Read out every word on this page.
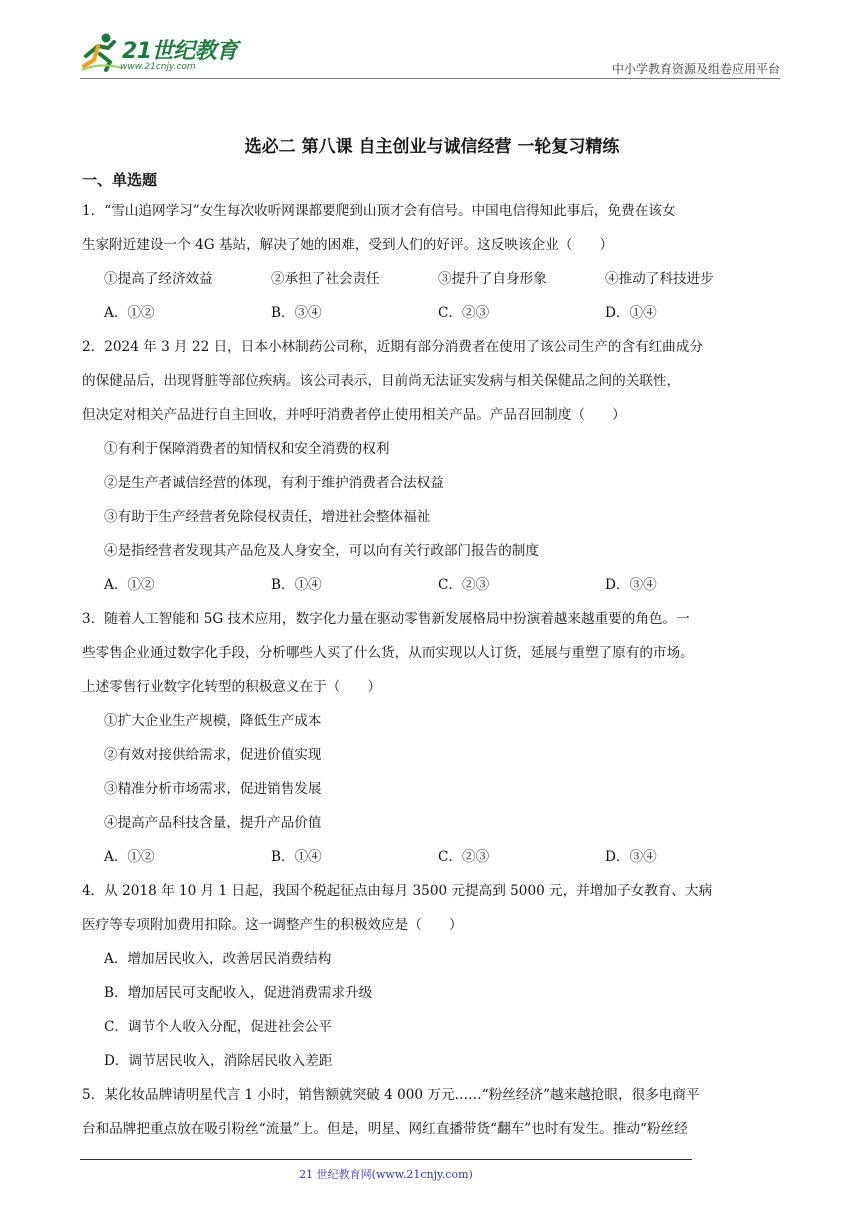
21世纪教育
www.21cnjy.com	中小学教育资源及组卷应用平台
选必二 第八课 自主创业与诚信经营 一轮复习精练
一、单选题

1．“雪山追网学习”女生每次收听网课都要爬到山顶才会有信号。中国电信得知此事后，免费在该女

生家附近建设一个 4G 基站，解决了她的困难，受到人们的好评。这反映该企业（　　）

①提高了经济效益	②承担了社会责任	③提升了自身形象	④推动了科技进步
A．①②	B．③④	C．②③	D．①④

2．2024 年 3 月 22 日，日本小林制药公司称，近期有部分消费者在使用了该公司生产的含有红曲成分

的保健品后，出现肾脏等部位疾病。该公司表示，目前尚无法证实发病与相关保健品之间的关联性，

但决定对相关产品进行自主回收，并呼吁消费者停止使用相关产品。产品召回制度（　　）

①有利于保障消费者的知情权和安全消费的权利

②是生产者诚信经营的体现，有利于维护消费者合法权益

③有助于生产经营者免除侵权责任，增进社会整体福祉

④是指经营者发现其产品危及人身安全，可以向有关行政部门报告的制度

A．①②	B．①④	C．②③	D．③④

3．随着人工智能和 5G 技术应用，数字化力量在驱动零售新发展格局中扮演着越来越重要的角色。一

些零售企业通过数字化手段，分析哪些人买了什么货，从而实现以人订货，延展与重塑了原有的市场。

上述零售行业数字化转型的积极意义在于（　　）

①扩大企业生产规模，降低生产成本

②有效对接供给需求，促进价值实现

③精准分析市场需求，促进销售发展

④提高产品科技含量，提升产品价值

A．①②	B．①④	C．②③	D．③④

4．从 2018 年 10 月 1 日起，我国个税起征点由每月 3500 元提高到 5000 元，并增加子女教育、大病

医疗等专项附加费用扣除。这一调整产生的积极效应是（　　）

A．增加居民收入，改善居民消费结构

B．增加居民可支配收入，促进消费需求升级

C．调节个人收入分配，促进社会公平

D．调节居民收入，消除居民收入差距

5．某化妆品牌请明星代言 1 小时，销售额就突破 4 000 万元……“粉丝经济”越来越抢眼，很多电商平

台和品牌把重点放在吸引粉丝“流量”上。但是，明星、网红直播带货“翻车”也时有发生。推动“粉丝经

21 世纪教育网(www.21cnjy.com)
